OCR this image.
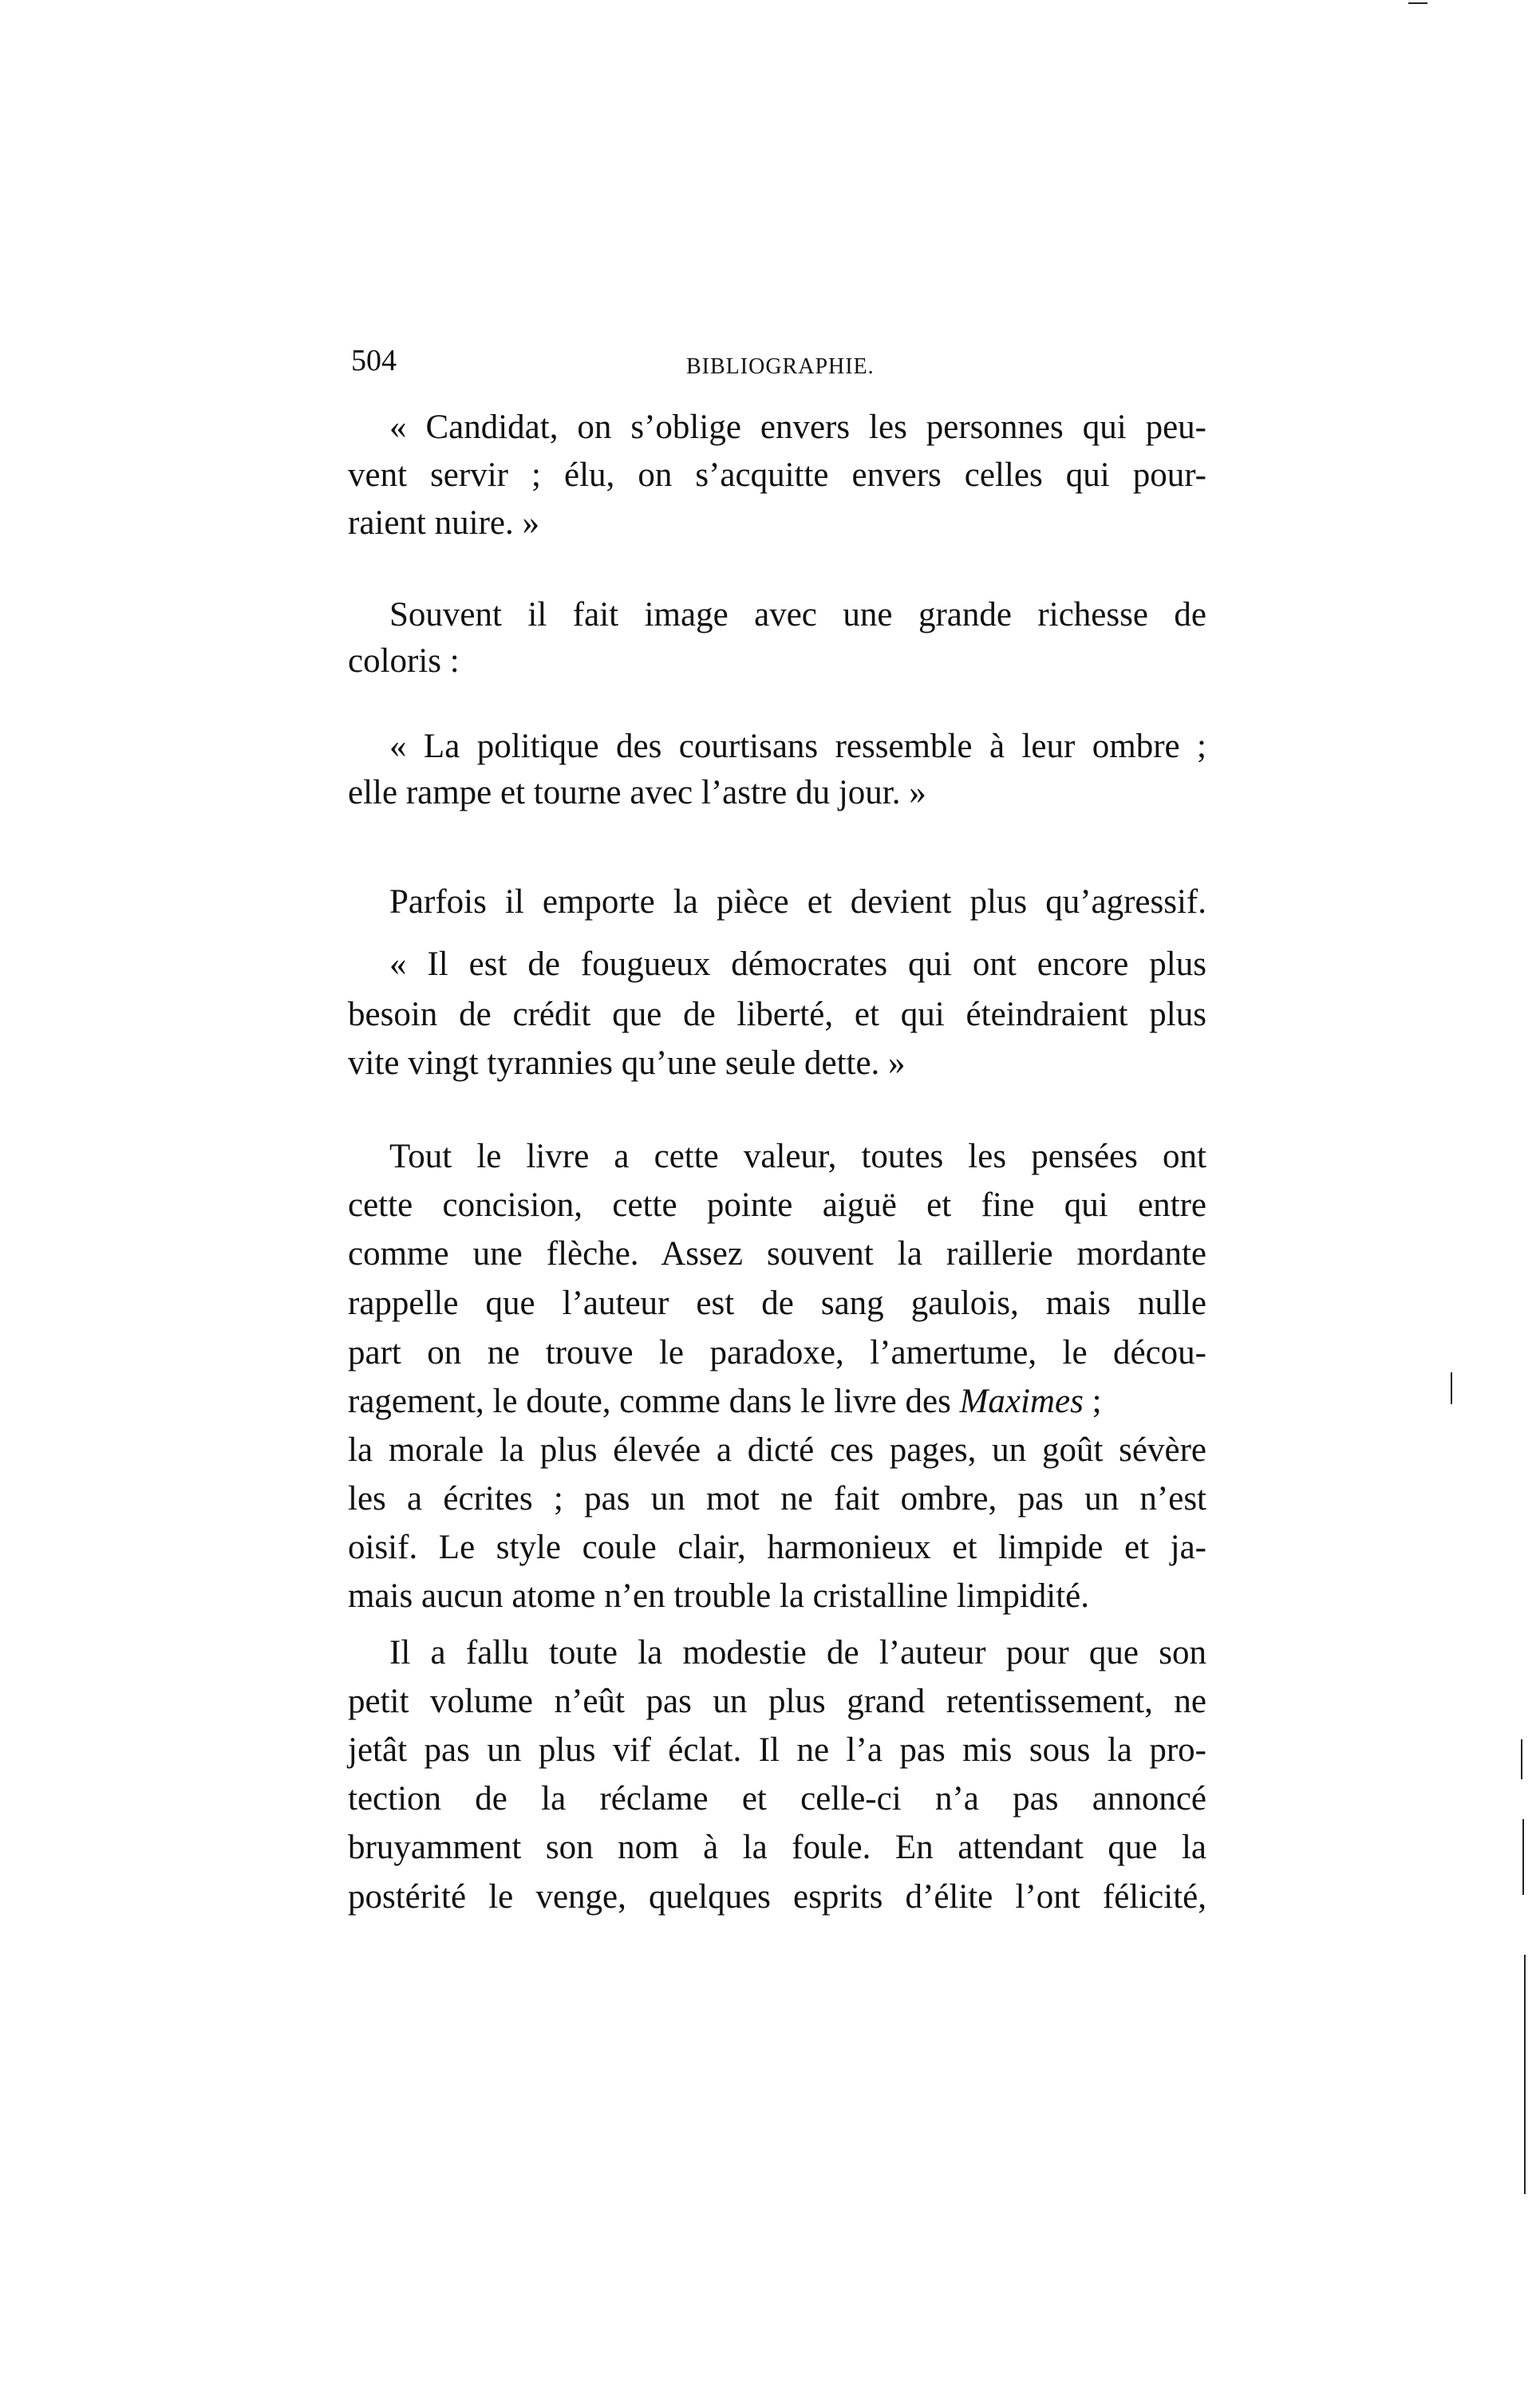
504	BIBLIOGRAPHIE.
« Candidat, on s’oblige envers les personnes qui peu-
vent servir ; élu, on s’acquitte envers celles qui pour-
raient nuire. »
Souvent il fait image avec une grande richesse de
coloris :
« La politique des courtisans ressemble à leur ombre ;
elle rampe et tourne avec l’astre du jour. »
Parfois il emporte la pièce et devient plus qu’agressif.
« Il est de fougueux démocrates qui ont encore plus
besoin de crédit que de liberté, et qui éteindraient plus
vite vingt tyrannies qu’une seule dette. »
Tout le livre a cette valeur, toutes les pensées ont
cette concision, cette pointe aiguë et fine qui entre
comme une flèche. Assez souvent la raillerie mordante
rappelle que l’auteur est de sang gaulois, mais nulle
part on ne trouve le paradoxe, l’amertume, le décou-
ragement, le doute, comme dans le livre des Maximes ;
la morale la plus élevée a dicté ces pages, un goût sévère
les a écrites ; pas un mot ne fait ombre, pas un n’est
oisif. Le style coule clair, harmonieux et limpide et ja-
mais aucun atome n’en trouble la cristalline limpidité.
Il a fallu toute la modestie de l’auteur pour que son
petit volume n’eût pas un plus grand retentissement, ne
jetât pas un plus vif éclat. Il ne l’a pas mis sous la pro-
tection de la réclame et celle-ci n’a pas annoncé
bruyamment son nom à la foule. En attendant que la
postérité le venge, quelques esprits d’élite l’ont félicité,
